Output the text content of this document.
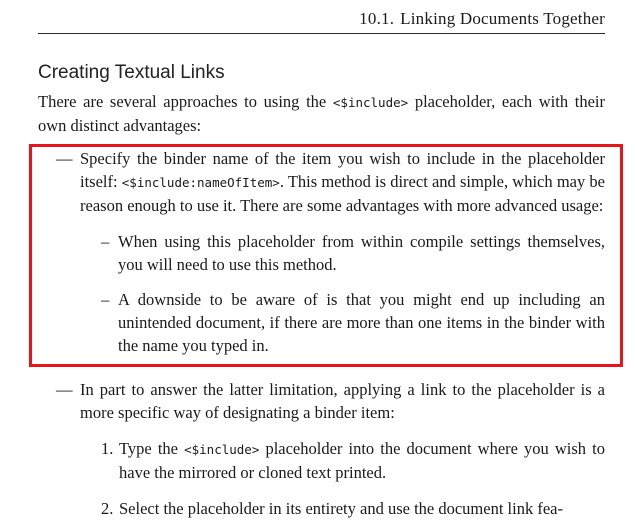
10.1. Linking Documents Together
Creating Textual Links

There are several approaches to using the <$include> placeholder, each with their own distinct advantages:

— Specify the binder name of the item you wish to include in the placeholder itself: <$include:nameOfItem>. This method is direct and simple, which may be reason enough to use it. There are some advantages with more advanced usage:

– When using this placeholder from within compile settings themselves, you will need to use this method.

– A downside to be aware of is that you might end up including an unintended document, if there are more than one items in the binder with the name you typed in.

— In part to answer the latter limitation, applying a link to the placeholder is a more specific way of designating a binder item:

1. Type the <$include> placeholder into the document where you wish to have the mirrored or cloned text printed.

2. Select the placeholder in its entirety and use the document link fea-
